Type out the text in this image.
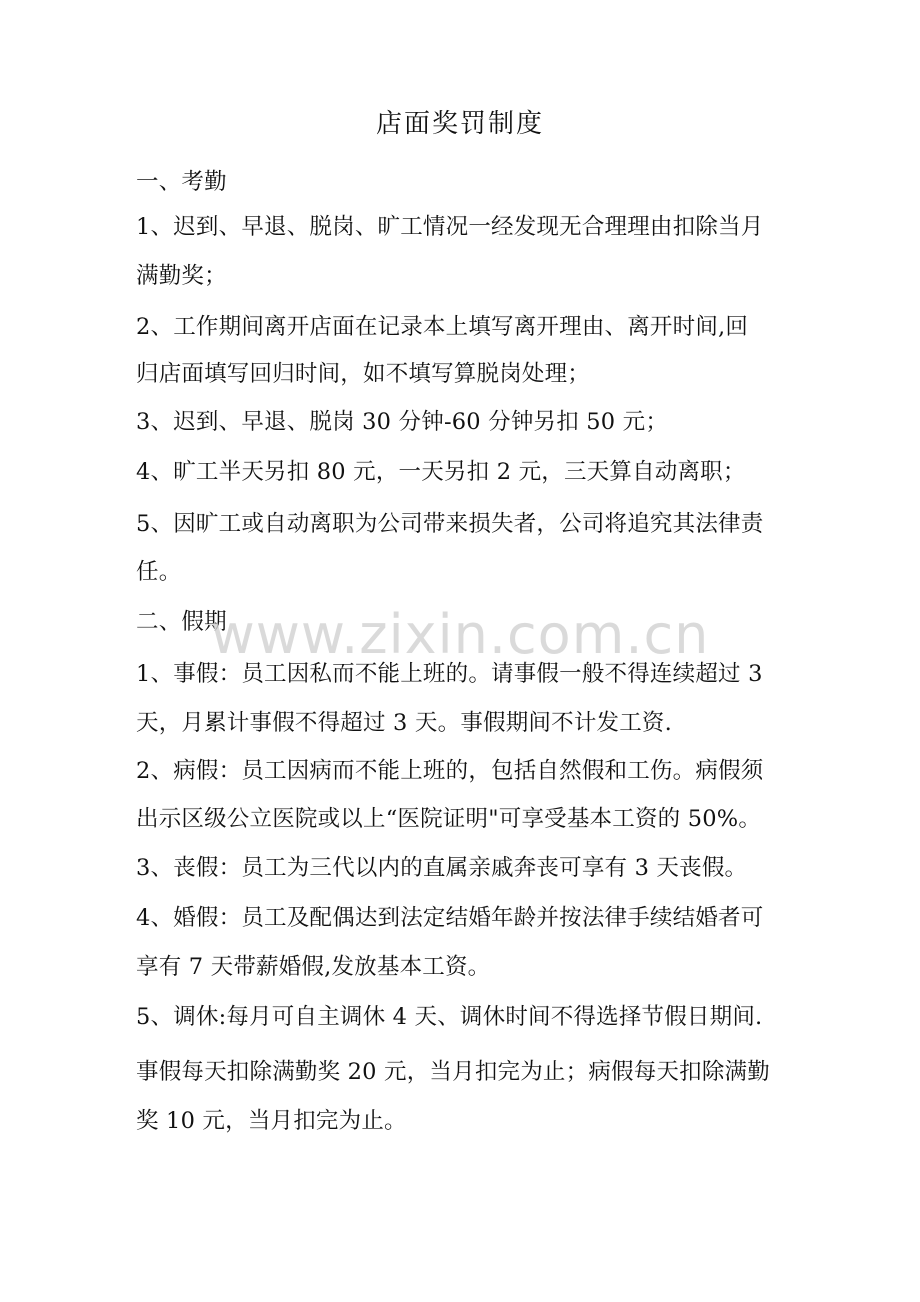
店面奖罚制度
一、考勤
1、迟到、早退、脱岗、旷工情况一经发现无合理理由扣除当月
满勤奖；
2、工作期间离开店面在记录本上填写离开理由、离开时间,回
归店面填写回归时间，如不填写算脱岗处理；
3、迟到、早退、脱岗 30 分钟-60 分钟另扣 50 元；
4、旷工半天另扣 80 元，一天另扣 2 元，三天算自动离职；
5、因旷工或自动离职为公司带来损失者，公司将追究其法律责
任。
二、假期
1、事假：员工因私而不能上班的。请事假一般不得连续超过 3
天，月累计事假不得超过 3 天。事假期间不计发工资.
2、病假：员工因病而不能上班的，包括自然假和工伤。病假须
出示区级公立医院或以上“医院证明"可享受基本工资的 50%。
3、丧假：员工为三代以内的直属亲戚奔丧可享有 3 天丧假。
4、婚假：员工及配偶达到法定结婚年龄并按法律手续结婚者可
享有 7 天带薪婚假,发放基本工资。
5、调休:每月可自主调休 4 天、调休时间不得选择节假日期间.
事假每天扣除满勤奖 20 元，当月扣完为止；病假每天扣除满勤
奖 10 元，当月扣完为止。
www.zixin.com.cn
